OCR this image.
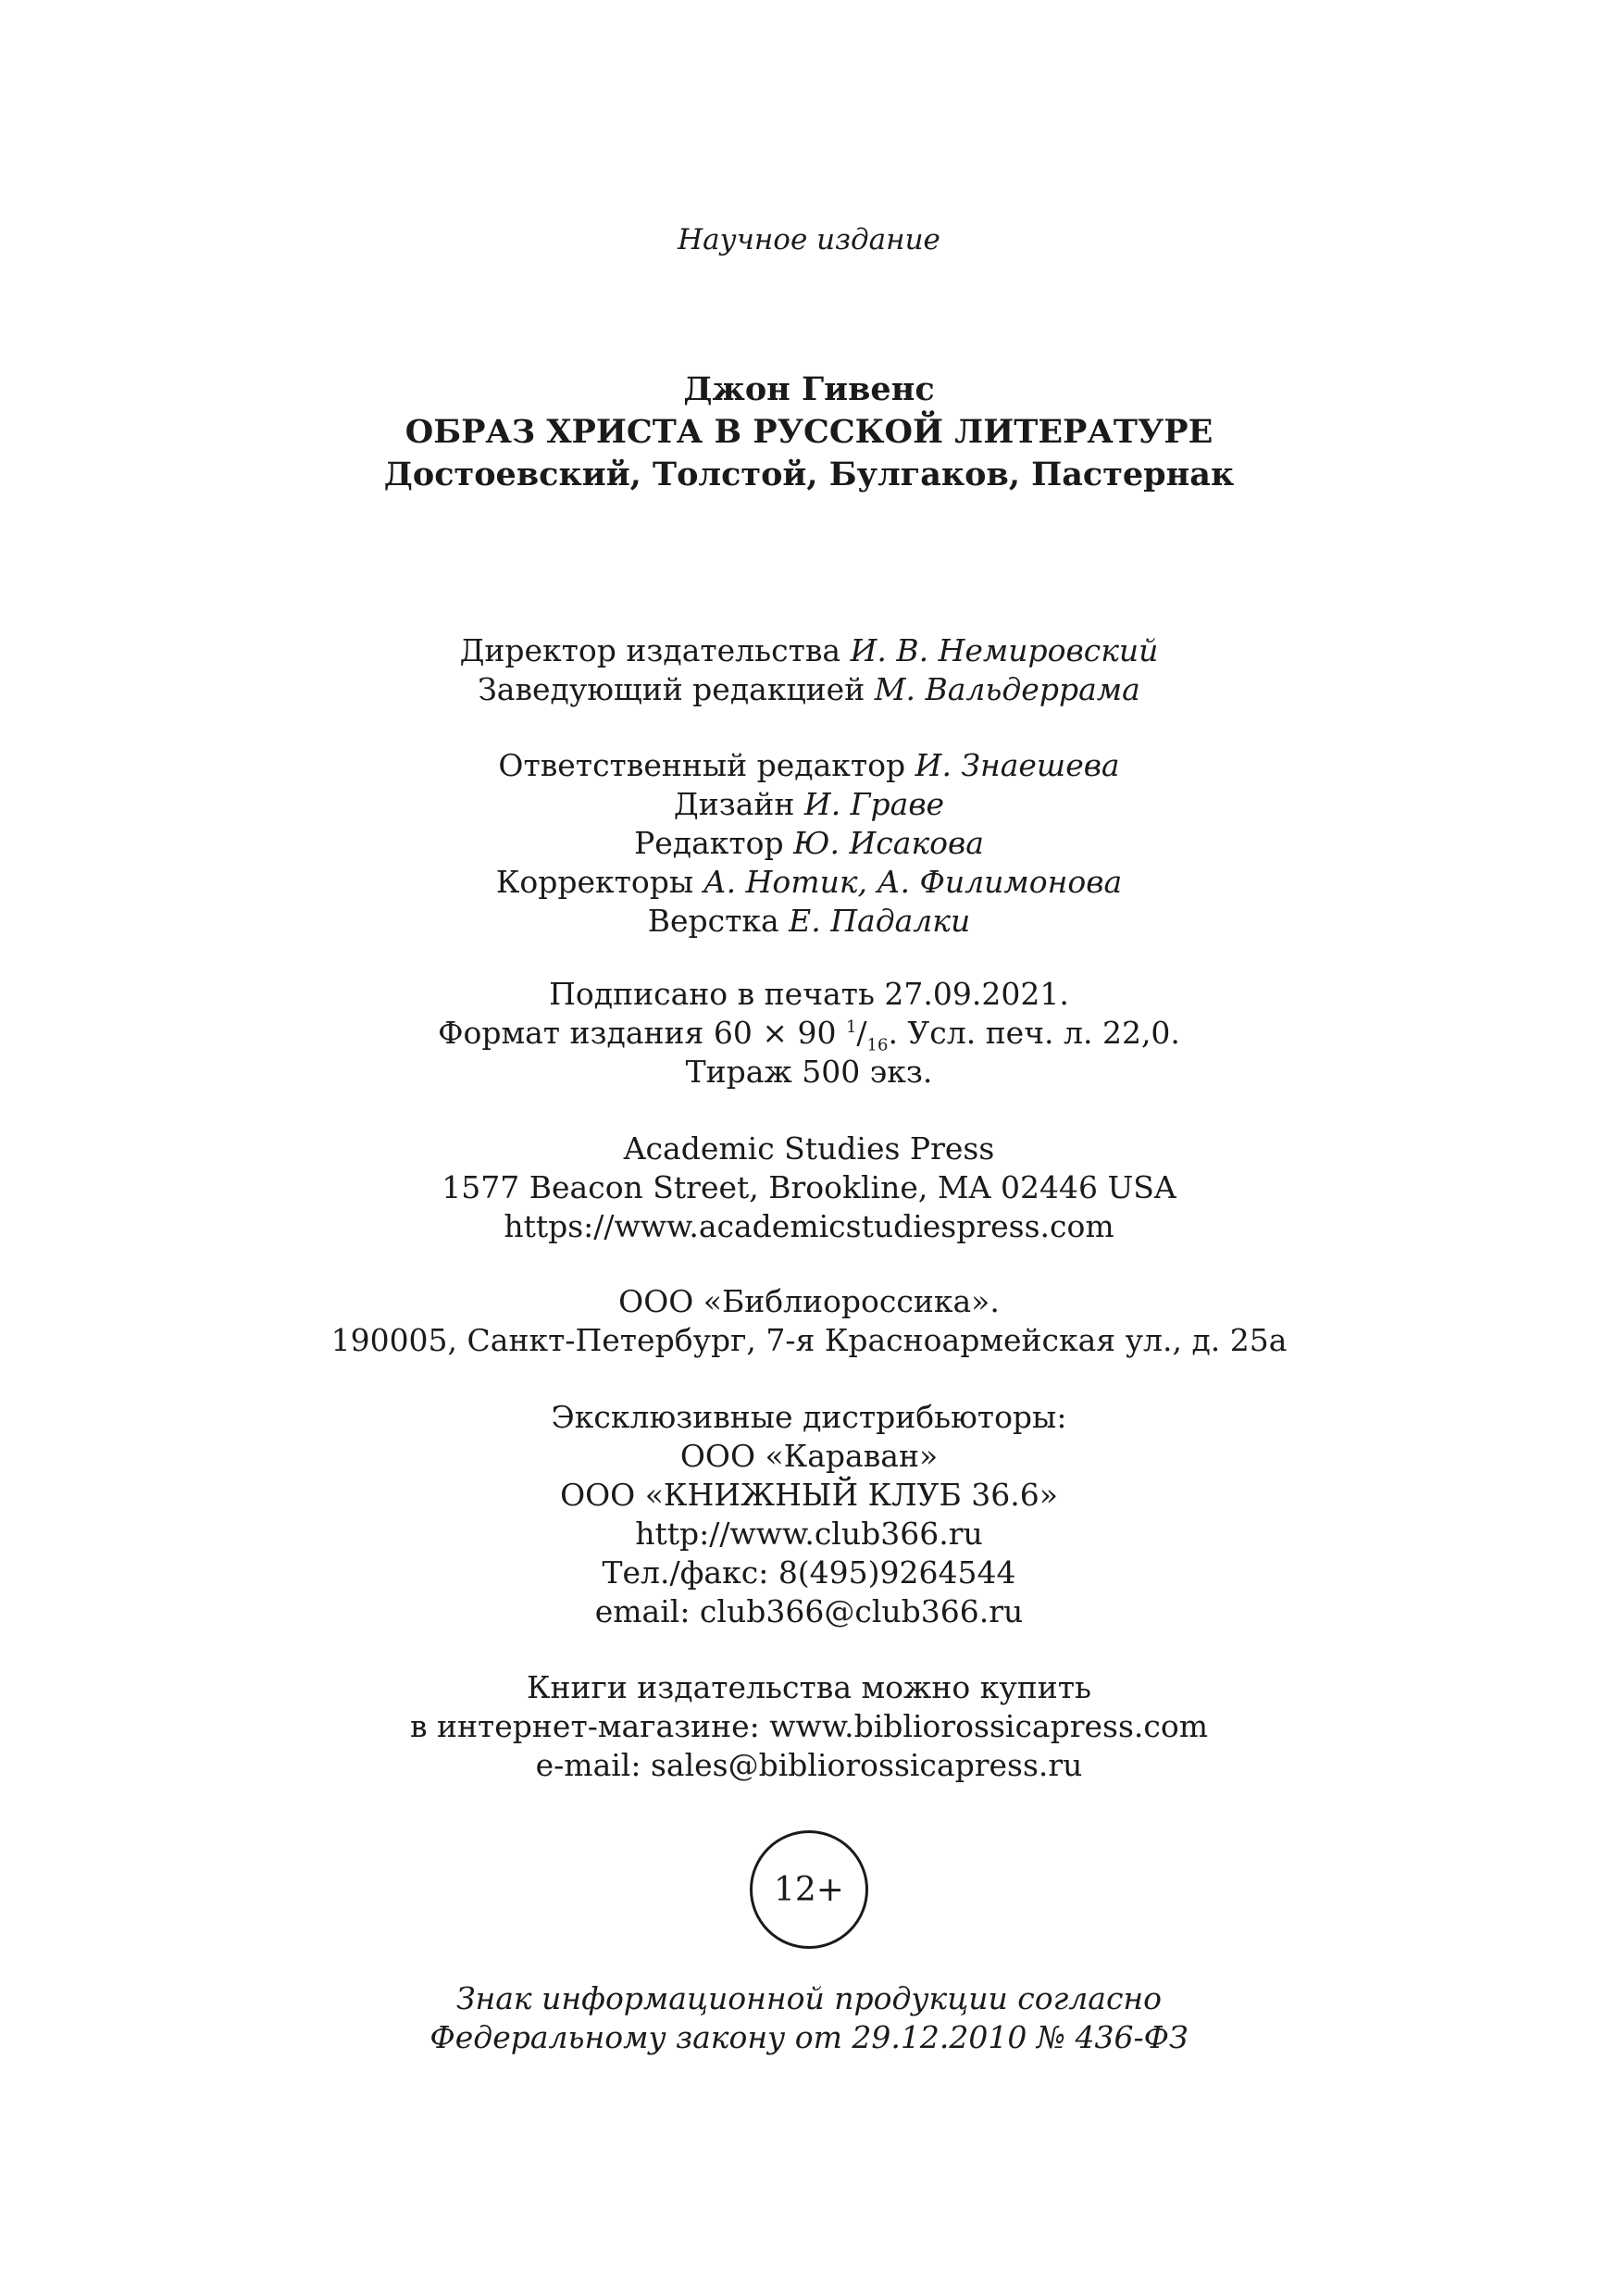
Научное издание
Джон Гивенс
ОБРАЗ ХРИСТА В РУССКОЙ ЛИТЕРАТУРЕ
Достоевский, Толстой, Булгаков, Пастернак
Директор издательства И. В. Немировский
Заведующий редакцией М. Вальдеррама
Ответственный редактор И. Знаешева
Дизайн И. Граве
Редактор Ю. Исакова
Корректоры А. Нотик, А. Филимонова
Верстка Е. Падалки
Подписано в печать 27.09.2021.
Формат издания 60 × 90 $^1/_{16}$. Усл. печ. л. 22,0.
Тираж 500 экз.
Academic Studies Press
1577 Beacon Street, Brookline, MA 02446 USA
https://www.academicstudiespress.com
ООО «Библиороссика».
190005, Санкт-Петербург, 7-я Красноармейская ул., д. 25а
Эксклюзивные дистрибьюторы:
ООО «Караван»
ООО «КНИЖНЫЙ КЛУБ 36.6»
http://www.club366.ru
Тел./факс: 8(495)9264544
email: club366@club366.ru
Книги издательства можно купить
в интернет-магазине: www.bibliorossicapress.com
e-mail: sales@bibliorossicapress.ru
12+
Знак информационной продукции согласно
Федеральному закону от 29.12.2010 № 436-ФЗ
